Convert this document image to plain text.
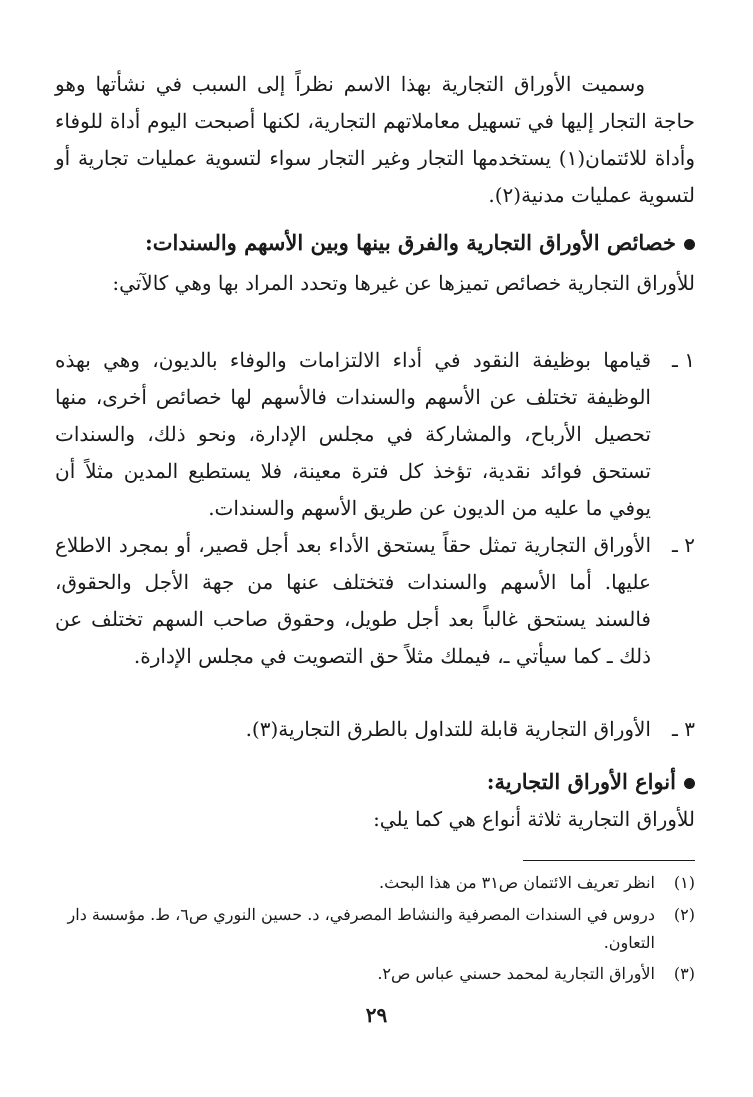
وسميت الأوراق التجارية بهذا الاسم نظراً إلى السبب في نشأتها وهو حاجة التجار إليها في تسهيل معاملاتهم التجارية، لكنها أصبحت اليوم أداة للوفاء وأداة للائتمان(١) يستخدمها التجار وغير التجار سواء لتسوية عمليات تجارية أو لتسوية عمليات مدنية(٢).
خصائص الأوراق التجارية والفرق بينها وبين الأسهم والسندات:
للأوراق التجارية خصائص تميزها عن غيرها وتحدد المراد بها وهي كالآتي:
١ ـ
قيامها بوظيفة النقود في أداء الالتزامات والوفاء بالديون، وهي بهذه الوظيفة تختلف عن الأسهم والسندات فالأسهم لها خصائص أخرى، منها تحصيل الأرباح، والمشاركة في مجلس الإدارة، ونحو ذلك، والسندات تستحق فوائد نقدية، تؤخذ كل فترة معينة، فلا يستطيع المدين مثلاً أن يوفي ما عليه من الديون عن طريق الأسهم والسندات.
٢ ـ
الأوراق التجارية تمثل حقاً يستحق الأداء بعد أجل قصير، أو بمجرد الاطلاع عليها. أما الأسهم والسندات فتختلف عنها من جهة الأجل والحقوق، فالسند يستحق غالباً بعد أجل طويل، وحقوق صاحب السهم تختلف عن ذلك ـ كما سيأتي ـ، فيملك مثلاً حق التصويت في مجلس الإدارة.
٣ ـ
الأوراق التجارية قابلة للتداول بالطرق التجارية(٣).
أنواع الأوراق التجارية:
للأوراق التجارية ثلاثة أنواع هي كما يلي:
(١)
انظر تعريف الائتمان ص٣١ من هذا البحث.
(٢)
دروس في السندات المصرفية والنشاط المصرفي، د. حسين النوري ص٦، ط. مؤسسة دار التعاون.
(٣)
الأوراق التجارية لمحمد حسني عباس ص٢.
٢٩
